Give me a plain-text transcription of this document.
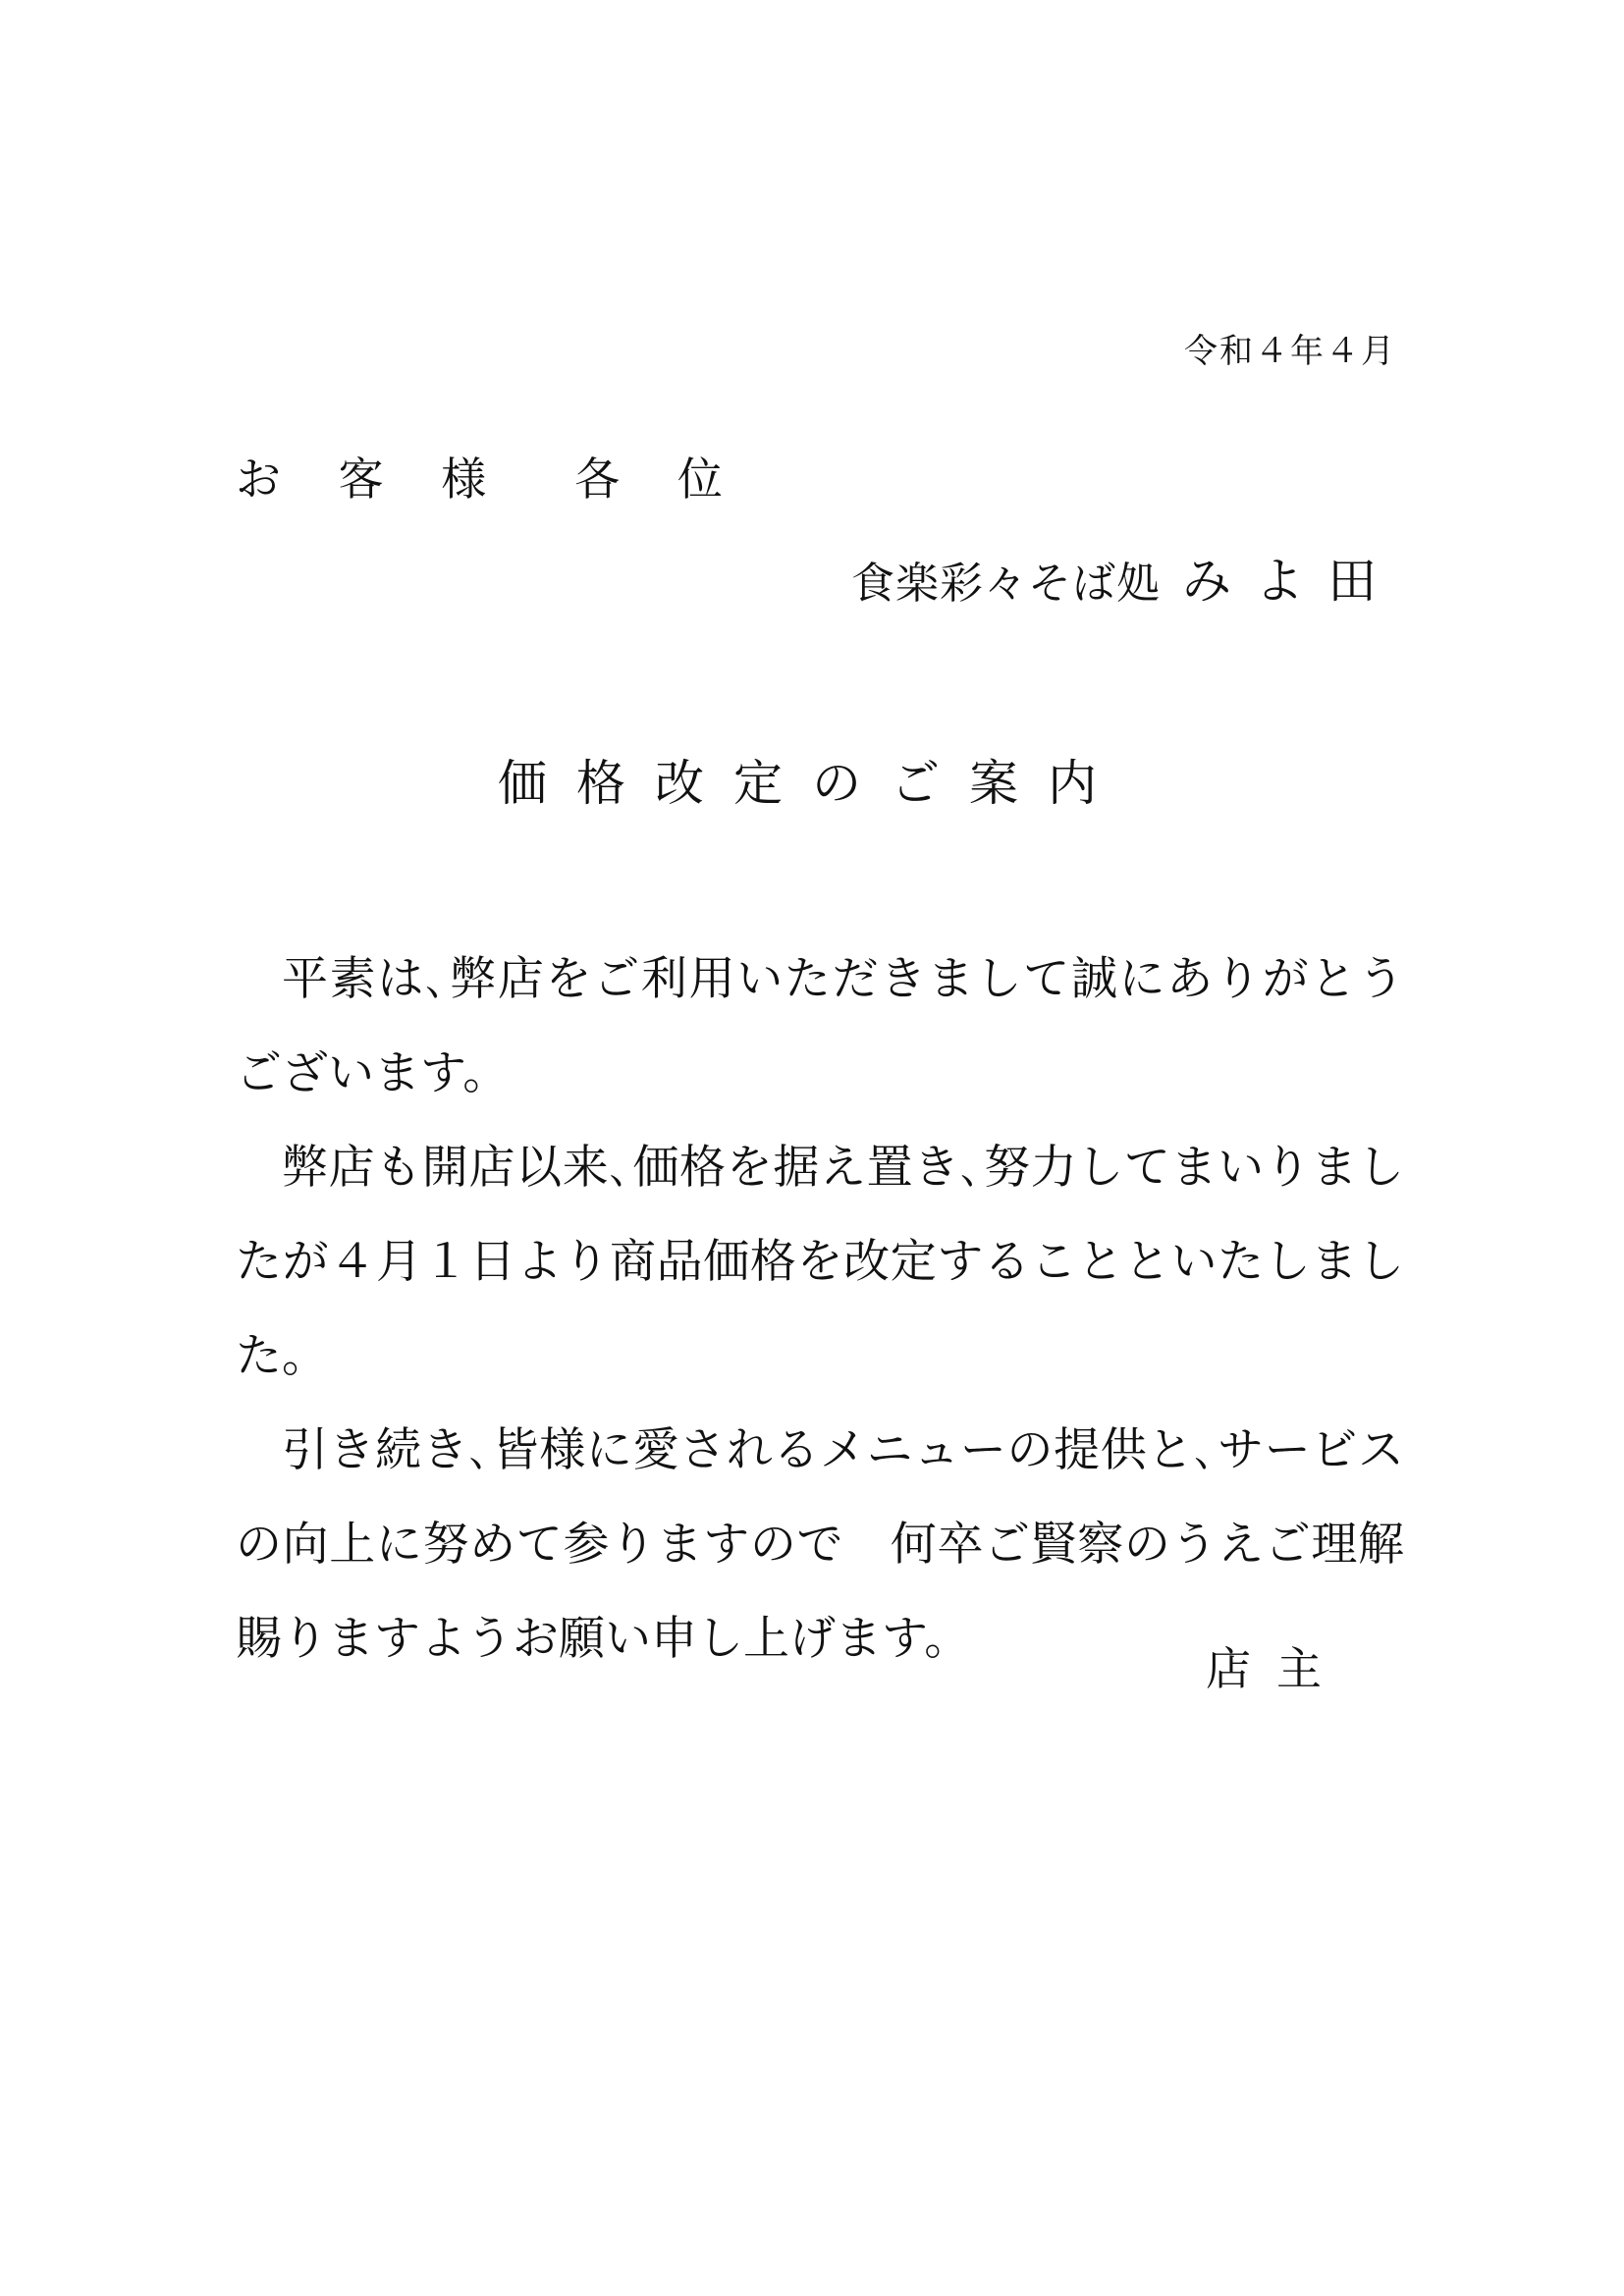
令和４年４月
お 客 様　各 位
食楽彩々そば処 みよ田
価格改定のご案内

平素は､弊店をご利用いただきまして誠にありがとうございます。

弊店も開店以来､価格を据え置き､努力してまいりましたが４月１日より商品価格を改定することといたしました。

引き続き､皆様に愛されるメニューの提供と､サービスの向上に努めて参りますので　何卒ご賢察のうえご理解賜りますようお願い申し上げます。

店主
